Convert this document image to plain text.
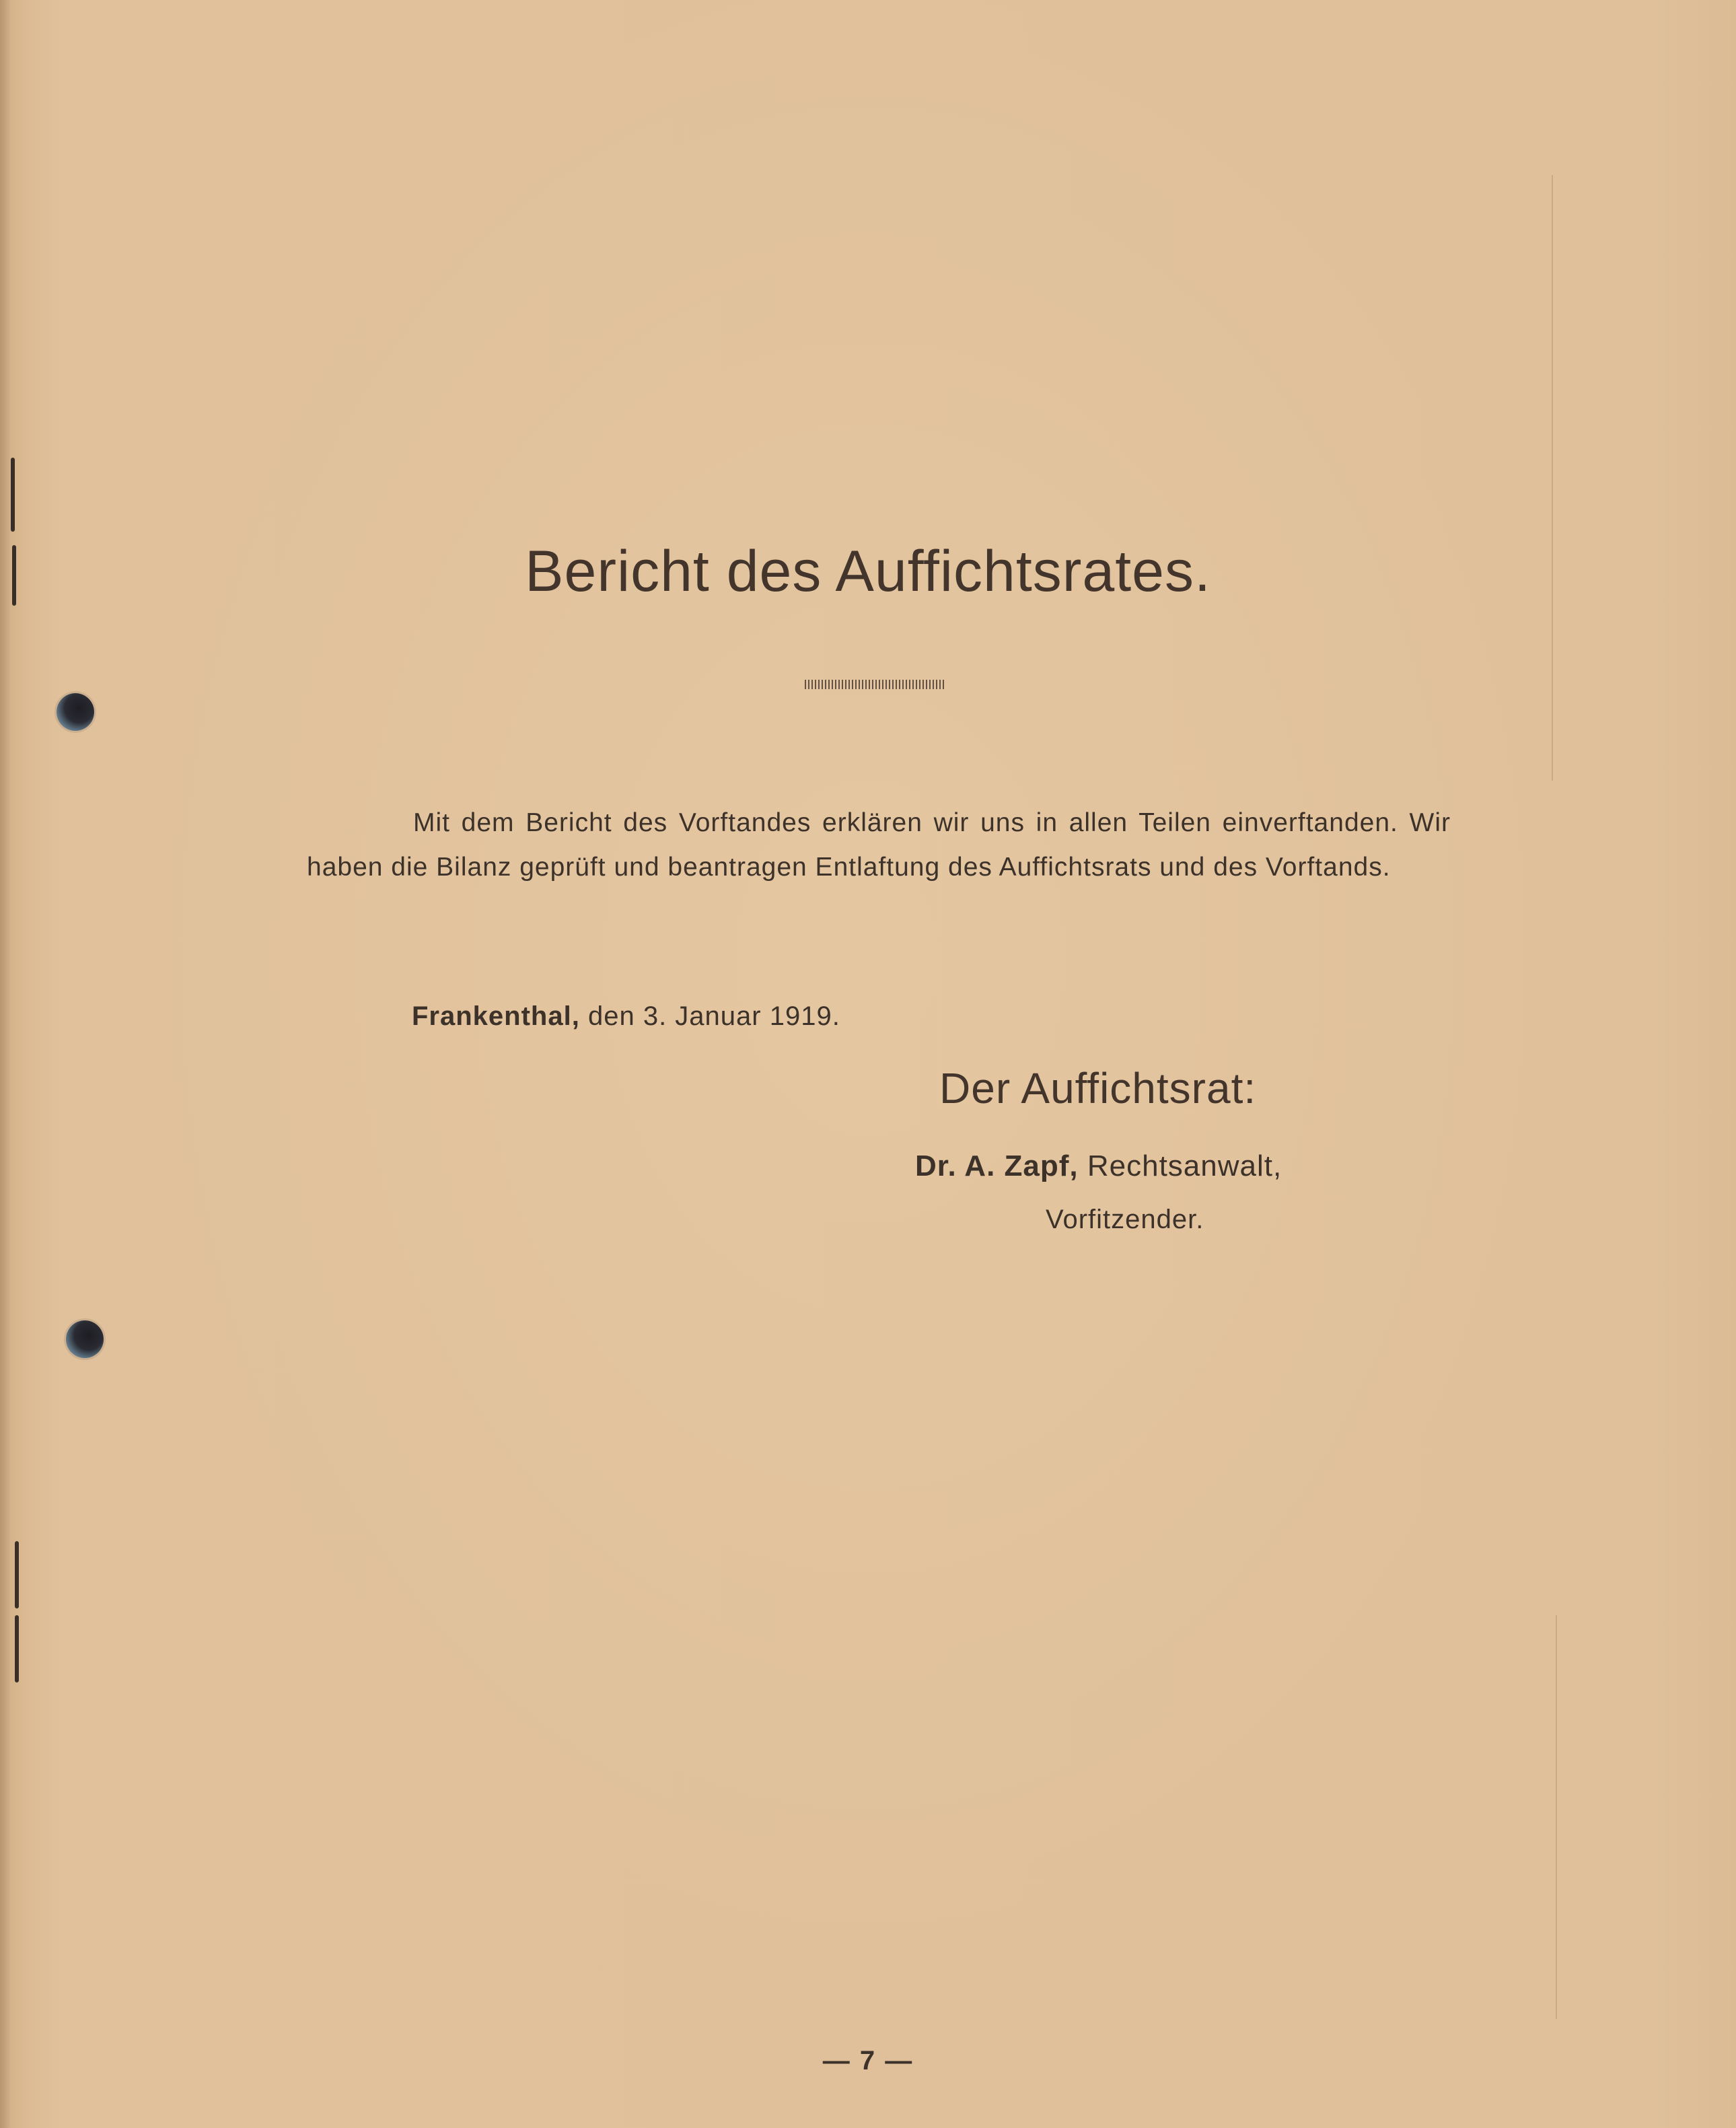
Bericht des Auffichtsrates.

Mit dem Bericht des Vorftandes erklären wir uns in allen Teilen einverftanden. Wir haben die Bilanz geprüft und beantragen Entlaftung des Auffichtsrats und des Vorftands.

Frankenthal, den 3. Januar 1919.
Der Auffichtsrat:
Dr. A. Zapf, Rechtsanwalt,
Vorfitzender.
— 7 —
